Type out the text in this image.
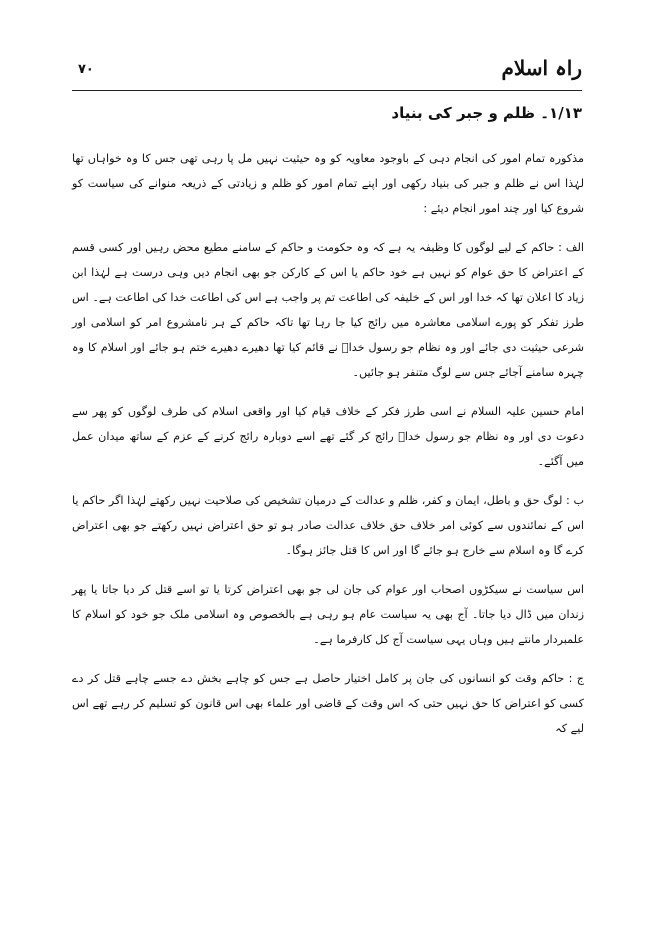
راہ اسلام
۷۰
۱/۱۳۔ ظلم و جبر کی بنیاد

مذکورہ تمام امور کی انجام دہی کے باوجود معاویہ کو وہ حیثیت نہیں مل پا رہی تھی جس کا وہ خواہاں تھا لہٰذا اس نے ظلم و جبر کی بنیاد رکھی اور اپنے تمام امور کو ظلم و زیادتی کے ذریعہ منوانے کی سیاست کو شروع کیا اور چند امور انجام دیئے :

الف : حاکم کے لیے لوگوں کا وظیفہ یہ ہے کہ وہ حکومت و حاکم کے سامنے مطیع محض رہیں اور کسی قسم کے اعتراض کا حق عوام کو نہیں ہے خود حاکم یا اس کے کارکن جو بھی انجام دیں وہی درست ہے لہٰذا ابن زیاد کا اعلان تھا کہ خدا اور اس کے خلیفہ کی اطاعت تم پر واجب ہے اس کی اطاعت خدا کی اطاعت ہے۔ اس طرز تفکر کو پورے اسلامی معاشرہ میں رائج کیا جا رہا تھا تاکہ حاکم کے ہر نامشروع امر کو اسلامی اور شرعی حیثیت دی جائے اور وہ نظام جو رسول خداؐ نے قائم کیا تھا دھیرے دھیرے ختم ہو جائے اور اسلام کا وہ چہرہ سامنے آجائے جس سے لوگ متنفر ہو جائیں۔

امام حسین علیہ السلام نے اسی طرز فکر کے خلاف قیام کیا اور واقعی اسلام کی طرف لوگوں کو پھر سے دعوت دی اور وہ نظام جو رسول خداؐ رائج کر گئے تھے اسے دوبارہ رائج کرنے کے عزم کے ساتھ میدان عمل میں آگئے۔

ب : لوگ حق و باطل، ایمان و کفر، ظلم و عدالت کے درمیان تشخیص کی صلاحیت نہیں رکھتے لہٰذا اگر حاکم یا اس کے نمائندوں سے کوئی امر خلاف حق خلاف عدالت صادر ہو تو حق اعتراض نہیں رکھتے جو بھی اعتراض کرے گا وہ اسلام سے خارج ہو جائے گا اور اس کا قتل جائز ہوگا۔

اس سیاست نے سیکڑوں اصحاب اور عوام کی جان لی جو بھی اعتراض کرتا یا تو اسے قتل کر دیا جاتا یا پھر زندان میں ڈال دیا جاتا۔ آج بھی یہ سیاست عام ہو رہی ہے بالخصوص وہ اسلامی ملک جو خود کو اسلام کا علمبردار مانتے ہیں وہاں یہی سیاست آج کل کارفرما ہے۔

ج : حاکم وقت کو انسانوں کی جان پر کامل اختیار حاصل ہے جس کو چاہے بخش دے جسے چاہے قتل کر دے کسی کو اعتراض کا حق نہیں حتی کہ اس وقت کے قاضی اور علماء بھی اس قانون کو تسلیم کر رہے تھے اس لیے کہ
